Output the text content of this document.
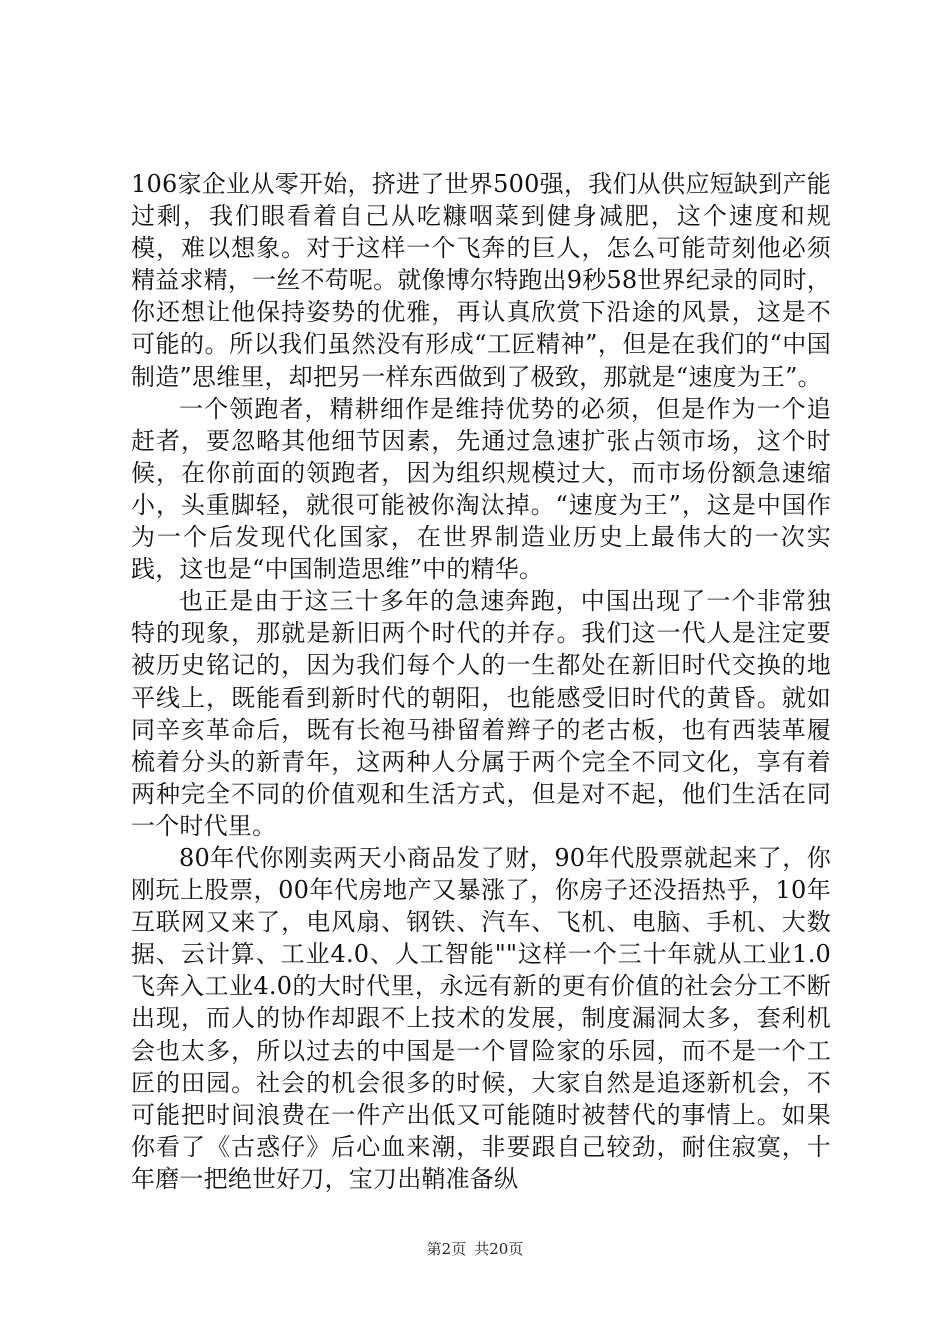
106家企业从零开始，挤进了世界500强，我们从供应短缺到产能过剩，我们眼看着自己从吃糠咽菜到健身减肥，这个速度和规模，难以想象。对于这样一个飞奔的巨人，怎么可能苛刻他必须精益求精，一丝不苟呢。就像博尔特跑出9秒58世界纪录的同时，你还想让他保持姿势的优雅，再认真欣赏下沿途的风景，这是不可能的。所以我们虽然没有形成“工匠精神”，但是在我们的“中国制造”思维里，却把另一样东西做到了极致，那就是“速度为王”。

一个领跑者，精耕细作是维持优势的必须，但是作为一个追赶者，要忽略其他细节因素，先通过急速扩张占领市场，这个时候，在你前面的领跑者，因为组织规模过大，而市场份额急速缩小，头重脚轻，就很可能被你淘汰掉。“速度为王”，这是中国作为一个后发现代化国家，在世界制造业历史上最伟大的一次实践，这也是“中国制造思维”中的精华。

也正是由于这三十多年的急速奔跑，中国出现了一个非常独特的现象，那就是新旧两个时代的并存。我们这一代人是注定要被历史铭记的，因为我们每个人的一生都处在新旧时代交换的地平线上，既能看到新时代的朝阳，也能感受旧时代的黄昏。就如同辛亥革命后，既有长袍马褂留着辫子的老古板，也有西装革履梳着分头的新青年，这两种人分属于两个完全不同文化，享有着两种完全不同的价值观和生活方式，但是对不起，他们生活在同一个时代里。

80年代你刚卖两天小商品发了财，90年代股票就起来了，你刚玩上股票，00年代房地产又暴涨了，你房子还没捂热乎，10年互联网又来了，电风扇、钢铁、汽车、飞机、电脑、手机、大数据、云计算、工业4.0、人工智能""这样一个三十年就从工业1.0飞奔入工业4.0的大时代里，永远有新的更有价值的社会分工不断出现，而人的协作却跟不上技术的发展，制度漏洞太多，套利机会也太多，所以过去的中国是一个冒险家的乐园，而不是一个工匠的田园。社会的机会很多的时候，大家自然是追逐新机会，不可能把时间浪费在一件产出低又可能随时被替代的事情上。如果你看了《古惑仔》后心血来潮，非要跟自己较劲，耐住寂寞，十年磨一把绝世好刀，宝刀出鞘准备纵

第2页 共20页
